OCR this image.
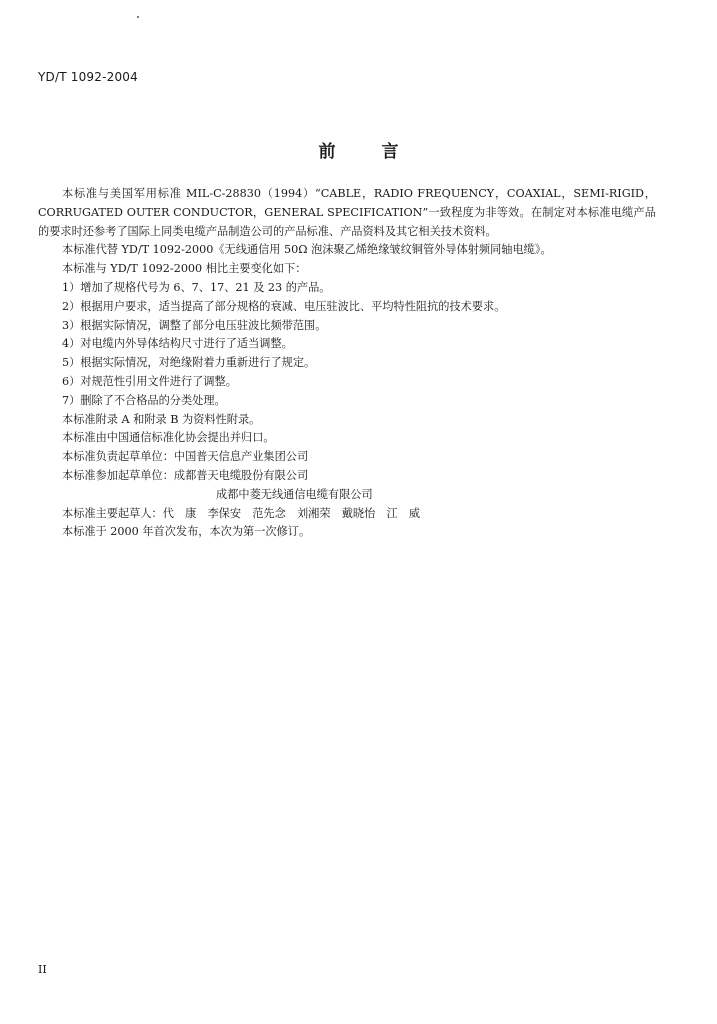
YD/T 1092-2004
前言

本标准与美国军用标准 MIL-C-28830（1994）“CABLE，RADIO FREQUENCY，COAXIAL，SEMI-RIGID，CORRUGATED OUTER CONDUCTOR，GENERAL SPECIFICATION”一致程度为非等效。在制定对本标准电缆产品的要求时还参考了国际上同类电缆产品制造公司的产品标准、产品资料及其它相关技术资料。

本标准代替 YD/T 1092-2000《无线通信用 50Ω 泡沫聚乙烯绝缘皱纹铜管外导体射频同轴电缆》。

本标准与 YD/T 1092-2000 相比主要变化如下：

1）增加了规格代号为 6、7、17、21 及 23 的产品。

2）根据用户要求，适当提高了部分规格的衰减、电压驻波比、平均特性阻抗的技术要求。

3）根据实际情况，调整了部分电压驻波比频带范围。

4）对电缆内外导体结构尺寸进行了适当调整。

5）根据实际情况，对绝缘附着力重新进行了规定。

6）对规范性引用文件进行了调整。

7）删除了不合格品的分类处理。

本标准附录 A 和附录 B 为资料性附录。

本标准由中国通信标准化协会提出并归口。

本标准负责起草单位：中国普天信息产业集团公司

本标准参加起草单位：成都普天电缆股份有限公司

成都中菱无线通信电缆有限公司

本标准主要起草人：代　康　李保安　范先念　刘湘荣　戴晓怡　江　威

本标准于 2000 年首次发布，本次为第一次修订。

II
